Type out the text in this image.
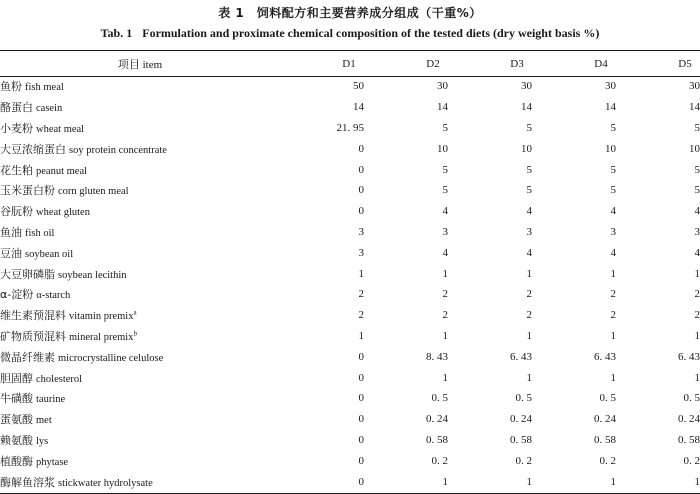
表 1　饲料配方和主要营养成分组成（干重%）
Tab. 1 Formulation and proximate chemical composition of the tested diets (dry weight basis %)
项目 item	D1	D2	D3	D4	D5
鱼粉 fish meal	50	30	30	30	30
酪蛋白 casein	14	14	14	14	14
小麦粉 wheat meal	21. 95	5	5	5	5
大豆浓缩蛋白 soy protein concentrate	0	10	10	10	10
花生粕 peanut meal	0	5	5	5	5
玉米蛋白粉 corn gluten meal	0	5	5	5	5
谷朊粉 wheat gluten	0	4	4	4	4
鱼油 fish oil	3	3	3	3	3
豆油 soybean oil	3	4	4	4	4
大豆卵磷脂 soybean lecithin	1	1	1	1	1
α-淀粉 α-starch	2	2	2	2	2
维生素预混料 vitamin premix$^a$	2	2	2	2	2
矿物质预混料 mineral premix$^b$	1	1	1	1	1
微晶纤维素 microcrystalline celulose	0	8. 43	6. 43	6. 43	6. 43
胆固醇 cholesterol	0	1	1	1	1
牛磺酸 taurine	0	0. 5	0. 5	0. 5	0. 5
蛋氨酸 met	0	0. 24	0. 24	0. 24	0. 24
赖氨酸 lys	0	0. 58	0. 58	0. 58	0. 58
植酸酶 phytase	0	0. 2	0. 2	0. 2	0. 2
酶解鱼溶浆 stickwater hydrolysate	0	1	1	1	1
